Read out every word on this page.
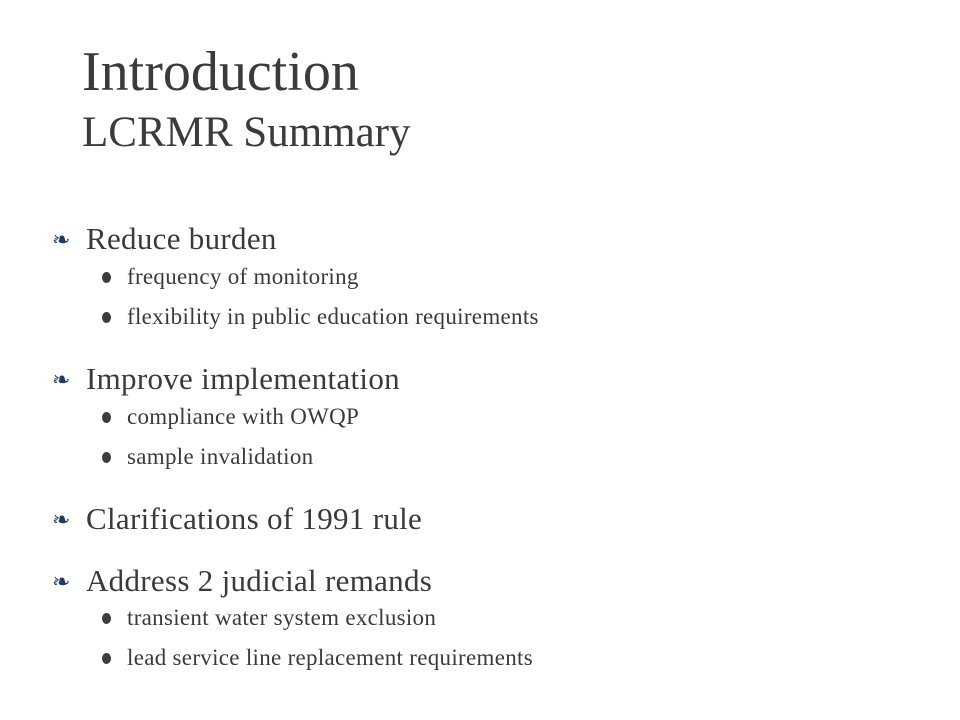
Introduction
LCRMR Summary
❧ Reduce burden
frequency of monitoring
flexibility in public education requirements
❧ Improve implementation
compliance with OWQP
sample invalidation
❧ Clarifications of 1991 rule
❧ Address 2 judicial remands
transient water system exclusion
lead service line replacement requirements
